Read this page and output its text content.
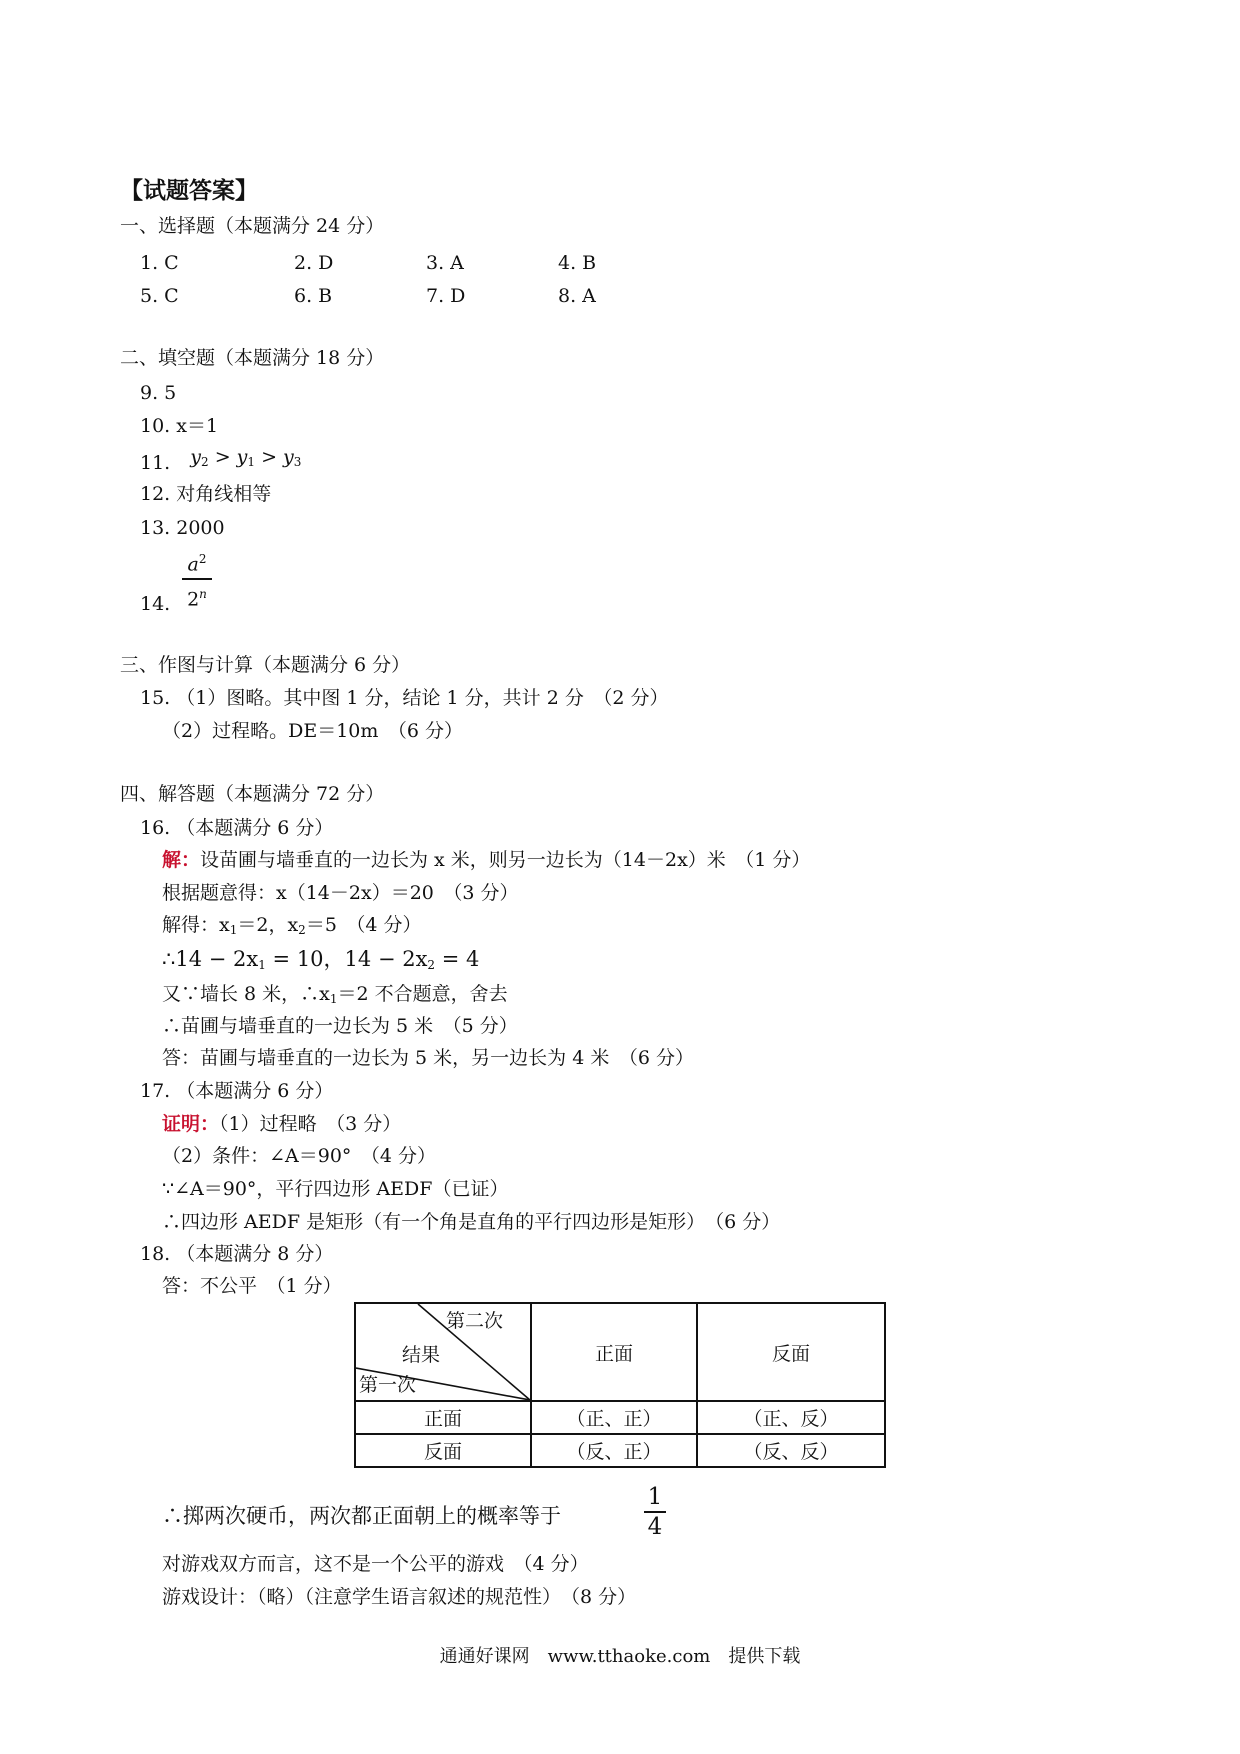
【试题答案】
一、选择题（本题满分 24 分）
1. C	2. D	3. A	4. B
5. C	6. B	7. D	8. A
二、填空题（本题满分 18 分）
9. 5
10. x＝1
11. $y_2 > y_1 > y_3$
12. 对角线相等
13. 2000
14.
$a^2$
2$^n$
三、作图与计算（本题满分 6 分）
15. （1）图略。其中图 1 分，结论 1 分，共计 2 分　（2 分）
（2）过程略。DE＝10m　（6 分）
四、解答题（本题满分 72 分）
16. （本题满分 6 分）
解：设苗圃与墙垂直的一边长为 x 米，则另一边长为（14－2x）米　（1 分）
根据题意得：x（14－2x）＝20　（3 分）
解得：$x_1=2$，$x_2=5$　（4 分）
∴14 − $2x_1 = 10$，$14 - 2x_2 = 4$
又∵墙长 8 米，$\therefore x_1=2$ 不合题意，舍去
∴苗圃与墙垂直的一边长为 5 米　（5 分）
答：苗圃与墙垂直的一边长为 5 米，另一边长为 4 米　（6 分）
17. （本题满分 6 分）
证明：（1）过程略　（3 分）
（2）条件：∠A＝90°　（4 分）
∵∠A＝90°，平行四边形 AEDF（已证）
∴四边形 AEDF 是矩形（有一个角是直角的平行四边形是矩形）　（6 分）
18. （本题满分 8 分）
答：不公平　（1 分）
第二次
结果
第一次	正面	反面
正面	（正、正）	（正、反）
反面	（反、正）	（反、反）
∴掷两次硬币，两次都正面朝上的概率等于
1
4
对游戏双方而言，这不是一个公平的游戏　（4 分）
游戏设计：（略）（注意学生语言叙述的规范性）　（8 分）
通通好课网　www.tthaoke.com　提供下载
